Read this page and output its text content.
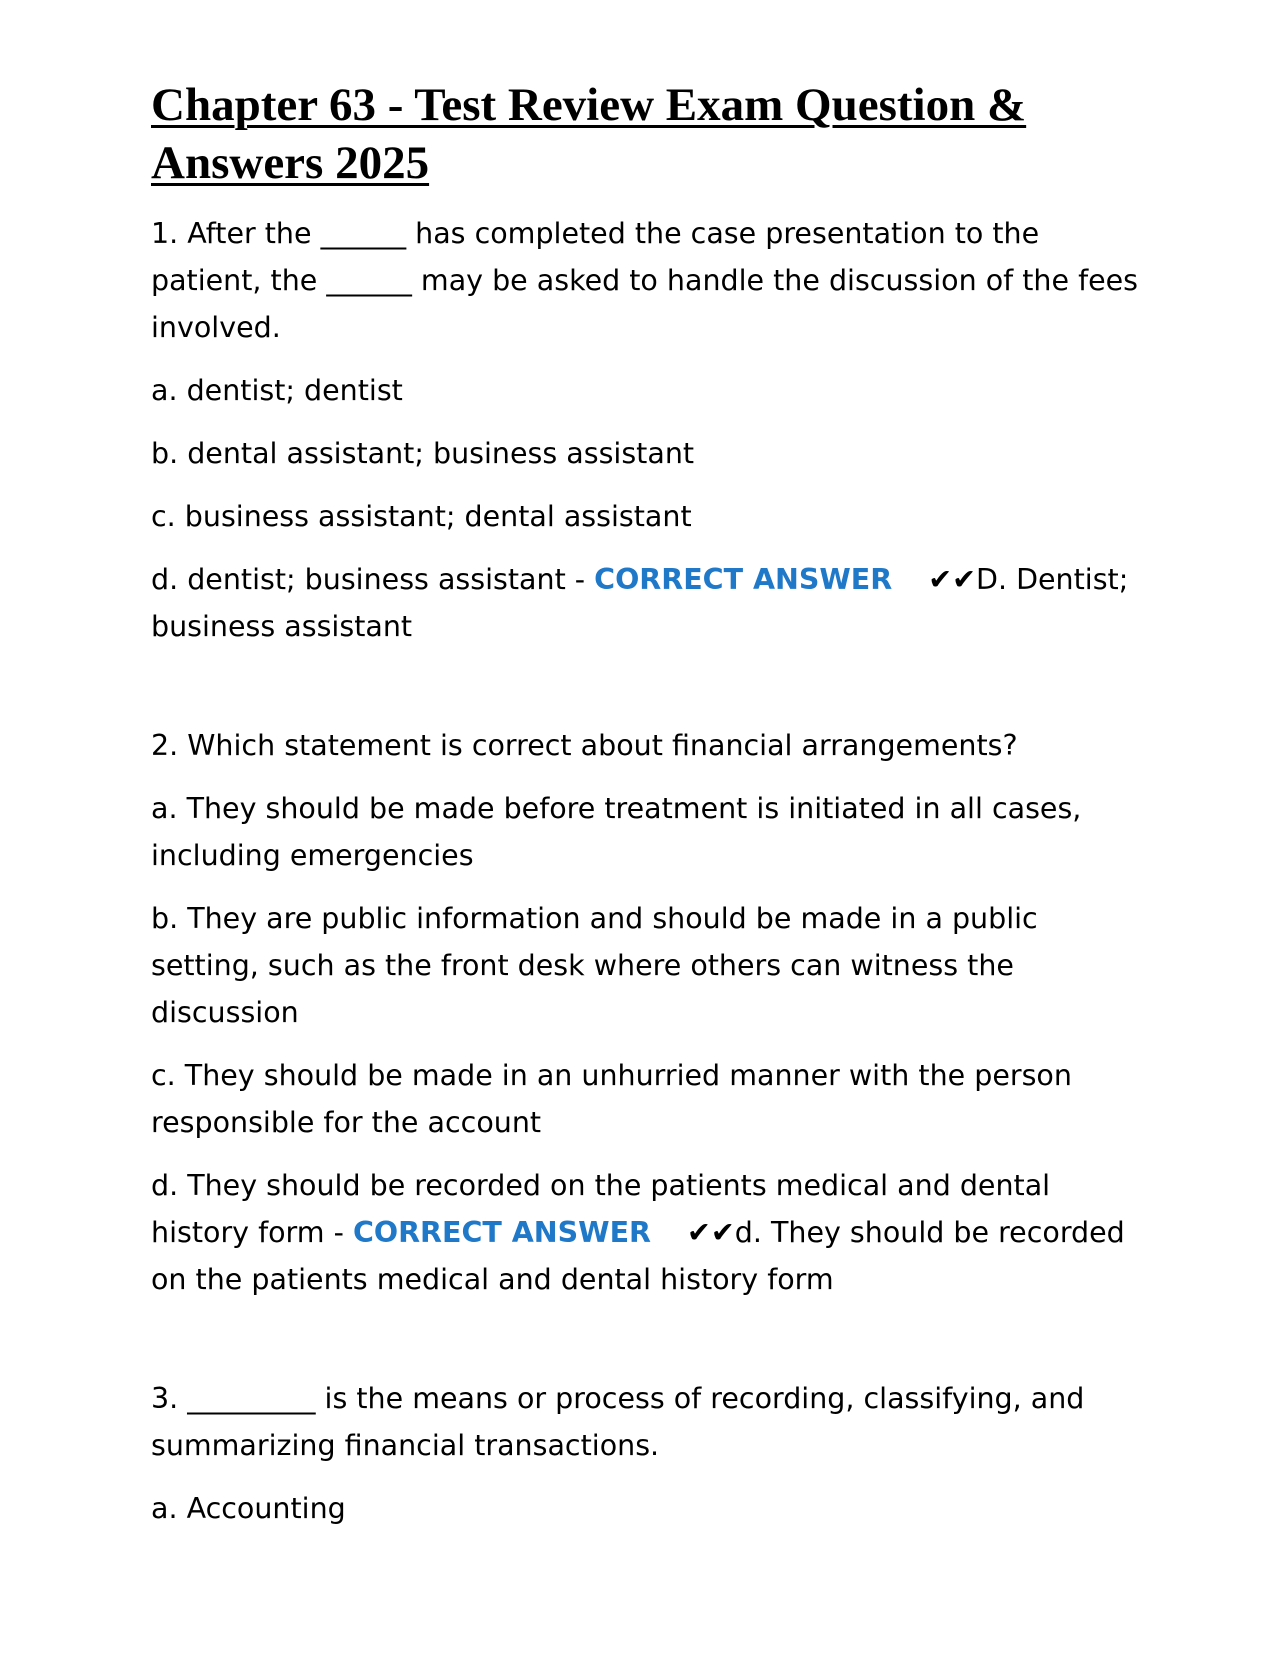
Chapter 63 - Test Review Exam Question & Answers 2025

1. After the ______ has completed the case presentation to the patient, the ______ may be asked to handle the discussion of the fees involved.

a. dentist; dentist

b. dental assistant; business assistant

c. business assistant; dental assistant

d. dentist; business assistant - CORRECT ANSWER ✔✔D. Dentist; business assistant

2. Which statement is correct about financial arrangements?

a. They should be made before treatment is initiated in all cases, including emergencies

b. They are public information and should be made in a public setting, such as the front desk where others can witness the discussion

c. They should be made in an unhurried manner with the person responsible for the account

d. They should be recorded on the patients medical and dental history form - CORRECT ANSWER ✔✔d. They should be recorded on the patients medical and dental history form

3. _________ is the means or process of recording, classifying, and summarizing financial transactions.

a. Accounting
